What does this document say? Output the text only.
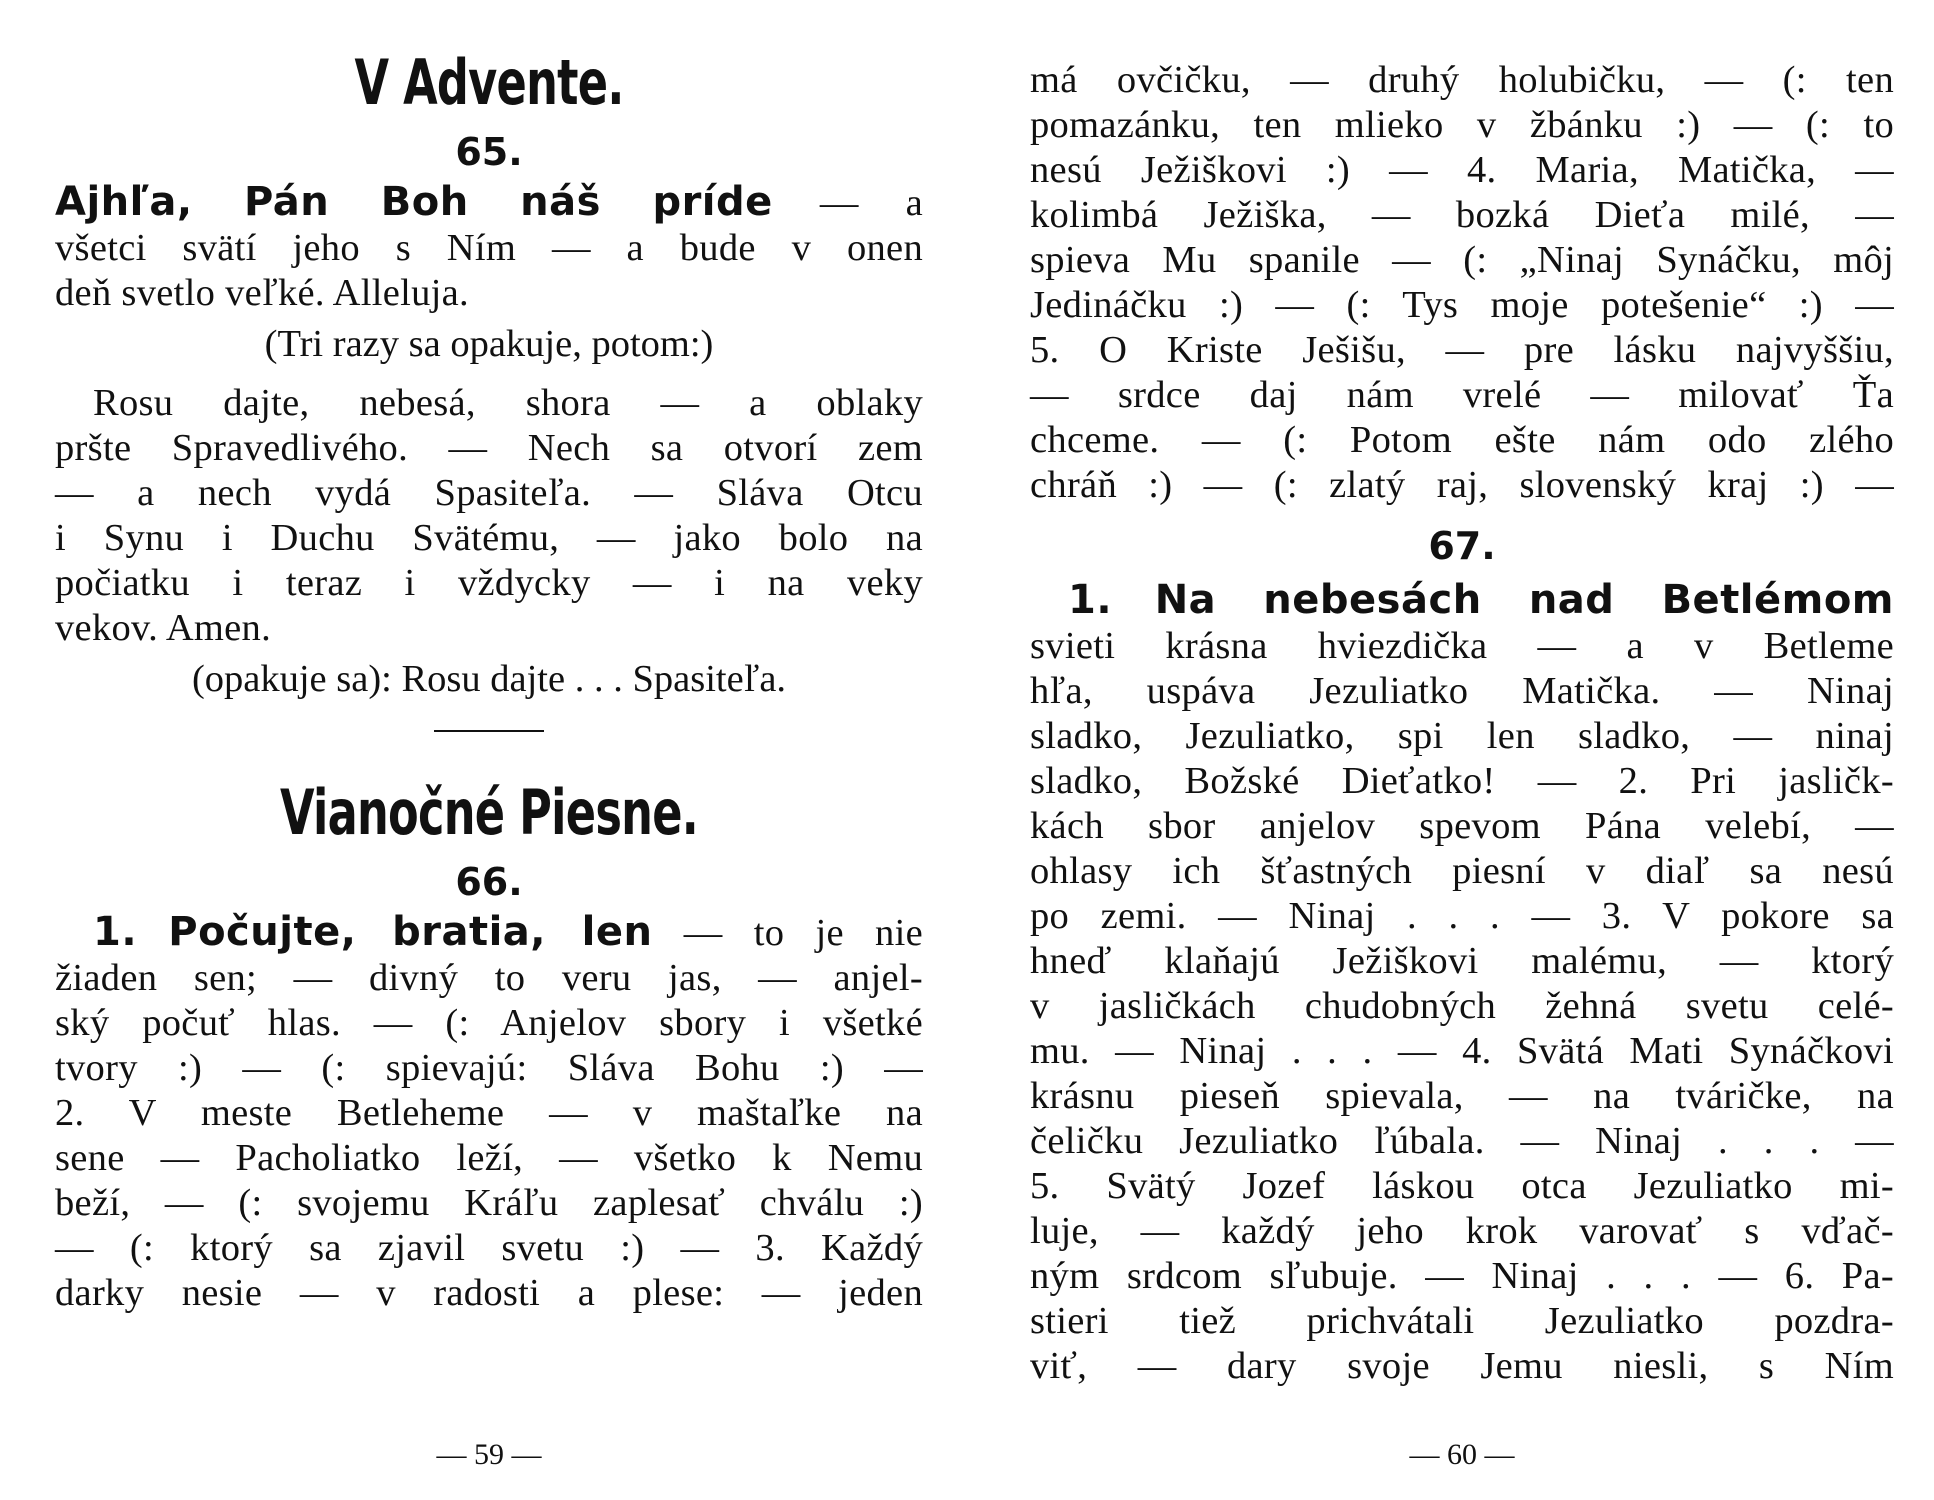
V Advente.
65.

Ajhľa, Pán Boh náš príde — a

všetci svätí jeho s Ním — a bude v onen

deň svetlo veľké. Alleluja.

(Tri razy sa opakuje, potom:)

Rosu dajte, nebesá, shora — a oblaky

pršte Spravedlivého. — Nech sa otvorí zem

— a nech vydá Spasiteľa. — Sláva Otcu

i Synu i Duchu Svätému, — jako bolo na

počiatku i teraz i vždycky — i na veky

vekov. Amen.

(opakuje sa): Rosu dajte . . . Spasiteľa.

Vianočné Piesne.
66.

1. Počujte, bratia, len — to je nie

žiaden sen; — divný to veru jas, — anjel-

ský počuť hlas. — (: Anjelov sbory i všetké

tvory :) — (: spievajú: Sláva Bohu :) —

2. V meste Betleheme — v maštaľke na

sene — Pacholiatko leží, — všetko k Nemu

beží, — (: svojemu Kráľu zaplesať chválu :)

— (: ktorý sa zjavil svetu :) — 3. Každý

darky nesie — v radosti a plese: — jeden

— 59 —

má ovčičku, — druhý holubičku, — (: ten

pomazánku, ten mlieko v žbánku :) — (: to

nesú Ježiškovi :) — 4. Maria, Matička, —

kolimbá Ježiška, — bozká Dieťa milé, —

spieva Mu spanile — (: „Ninaj Synáčku, môj

Jedináčku :) — (: Tys moje potešenie“ :) —

5. O Kriste Ješišu, — pre lásku najvyššiu,

— srdce daj nám vrelé — milovať Ťa

chceme. — (: Potom ešte nám odo zlého

chráň :) — (: zlatý raj, slovenský kraj :) —

67.

1. Na nebesách nad Betlémom

svieti krásna hviezdička — a v Betleme

hľa, uspáva Jezuliatko Matička. — Ninaj

sladko, Jezuliatko, spi len sladko, — ninaj

sladko, Božské Dieťatko! — 2. Pri jasličk-

kách sbor anjelov spevom Pána velebí, —

ohlasy ich šťastných piesní v diaľ sa nesú

po zemi. — Ninaj . . . — 3. V pokore sa

hneď klaňajú Ježiškovi malému, — ktorý

v jasličkách chudobných žehná svetu celé-

mu. — Ninaj . . . — 4. Svätá Mati Synáčkovi

krásnu pieseň spievala, — na tváričke, na

čeličku Jezuliatko ľúbala. — Ninaj . . . —

5. Svätý Jozef láskou otca Jezuliatko mi-

luje, — každý jeho krok varovať s vďač-

ným srdcom sľubuje. — Ninaj . . . — 6. Pa-

stieri tiež prichvátali Jezuliatko pozdra-

viť, — dary svoje Jemu niesli, s Ním

— 60 —
